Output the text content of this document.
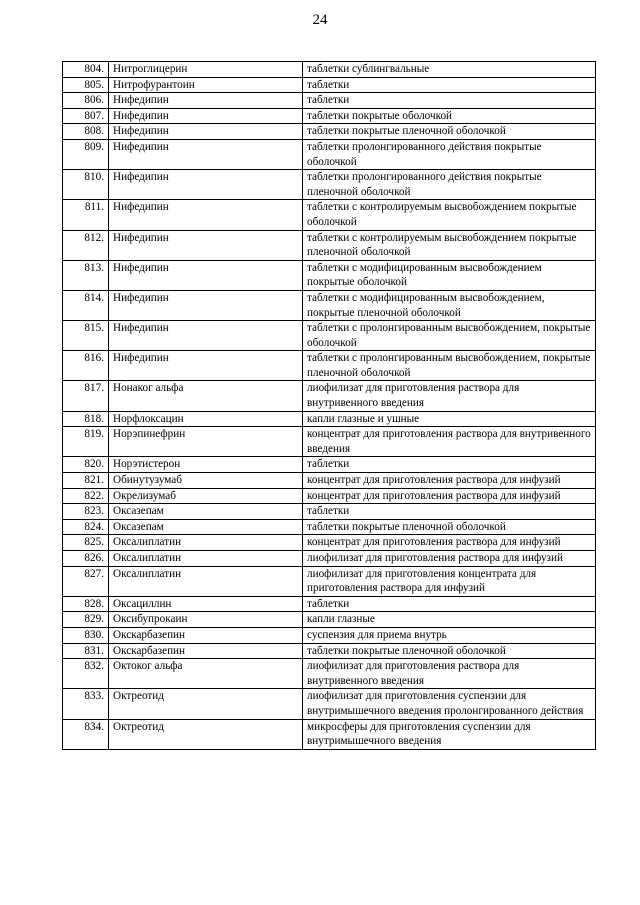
24
804.	Нитроглицерин	таблетки сублингвальные
805.	Нитрофурантоин	таблетки
806.	Нифедипин	таблетки
807.	Нифедипин	таблетки покрытые оболочкой
808.	Нифедипин	таблетки покрытые пленочной оболочкой
809.	Нифедипин	таблетки пролонгированного действия покрытые оболочкой
810.	Нифедипин	таблетки пролонгированного действия покрытые пленочной оболочкой
811.	Нифедипин	таблетки с контролируемым высвобождением покрытые оболочкой
812.	Нифедипин	таблетки с контролируемым высвобождением покрытые пленочной оболочкой
813.	Нифедипин	таблетки с модифицированным высвобождением покрытые оболочкой
814.	Нифедипин	таблетки с модифицированным высвобождением, покрытые пленочной оболочкой
815.	Нифедипин	таблетки с пролонгированным высвобождением, покрытые оболочкой
816.	Нифедипин	таблетки с пролонгированным высвобождением, покрытые пленочной оболочкой
817.	Нонаког альфа	лиофилизат для приготовления раствора для внутривенного введения
818.	Норфлоксацин	капли глазные и ушные
819.	Норэпинефрин	концентрат для приготовления раствора для внутривенного введения
820.	Норэтистерон	таблетки
821.	Обинутузумаб	концентрат для приготовления раствора для инфузий
822.	Окрелизумаб	концентрат для приготовления раствора для инфузий
823.	Оксазепам	таблетки
824.	Оксазепам	таблетки покрытые пленочной оболочкой
825.	Оксалиплатин	концентрат для приготовления раствора для инфузий
826.	Оксалиплатин	лиофилизат для приготовления раствора для инфузий
827.	Оксалиплатин	лиофилизат для приготовления концентрата для приготовления раствора для инфузий
828.	Оксациллин	таблетки
829.	Оксибупрокаин	капли глазные
830.	Окскарбазепин	суспензия для приема внутрь
831.	Окскарбазепин	таблетки покрытые пленочной оболочкой
832.	Октоког альфа	лиофилизат для приготовления раствора для внутривенного введения
833.	Октреотид	лиофилизат для приготовления суспензии для внутримышечного введения пролонгированного действия
834.	Октреотид	микросферы для приготовления суспензии для внутримышечного введения
